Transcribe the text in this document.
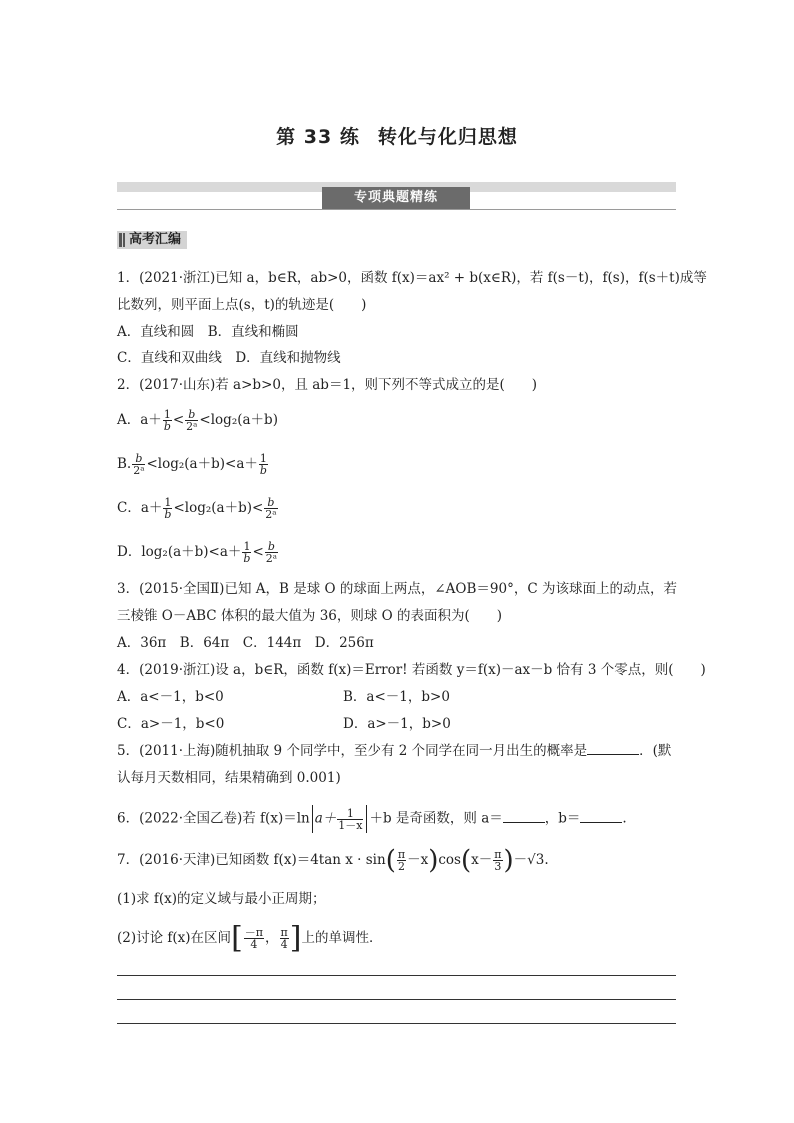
第 33 练 转化与化归思想
专项典题精练
高考汇编
1．(2021·浙江)已知 a，b∈R，ab>0，函数 f(x)＝ax² + b(x∈R)，若 f(s－t)，f(s)，f(s＋t)成等
比数列，则平面上点(s，t)的轨迹是(　　)
A．直线和圆　B．直线和椭圆
C．直线和双曲线　D．直线和抛物线
2．(2017·山东)若 a>b>0，且 ab＝1，则下列不等式成立的是(　　)
A．$a+ \frac{1}{b} < \frac{b}{\text{2ᵃ}} <\log_2(a+b)$
B. $\frac{b}{\text{2ᵃ}} <\log_2(a+b)<a+ \frac{1}{b}$
C．$a+ \frac{1}{b} <\log_2(a+b)< \frac{b}{\text{2ᵃ}}$
D．$\log_2(a+b)<a+ \frac{1}{b} < \frac{b}{\text{2ᵃ}}$
3．(2015·全国Ⅱ)已知 A，B 是球 O 的球面上两点，∠AOB＝90°，C 为该球面上的动点，若
三棱锥 O－ABC 体积的最大值为 36，则球 O 的表面积为(　　)
A．36π　B．64π　C．144π　D．256π
4．(2019·浙江)设 a，b∈R，函数 f(x)＝Error! 若函数 y＝f(x)－ax－b 恰有 3 个零点，则(　　)
A．a<－1，b<0	B．a<－1，b>0
C．a>－1，b<0	D．a>－1，b>0
5．(2011·上海)随机抽取 9 个同学中，至少有 2 个同学在同一月出生的概率是	．(默
认每月天数相同，结果精确到 0.001)
6．(2022·全国乙卷)若 f(x)＝ln $a+ \frac{1}{1-x} +b$ 是奇函数，则 a＝	，b＝	.
7．(2016·天津)已知函数 f(x)＝4tan $x \cdot \sin( \frac{\pi}{2} -x)\cos(x- \frac{\pi}{3} )-√3$.
(1)求 f(x)的定义域与最小正周期；
(2)讨论 f(x)在区间[ $\frac{-\pi}{4}$ ， $\frac{\pi}{4}$ ]上的单调性．
